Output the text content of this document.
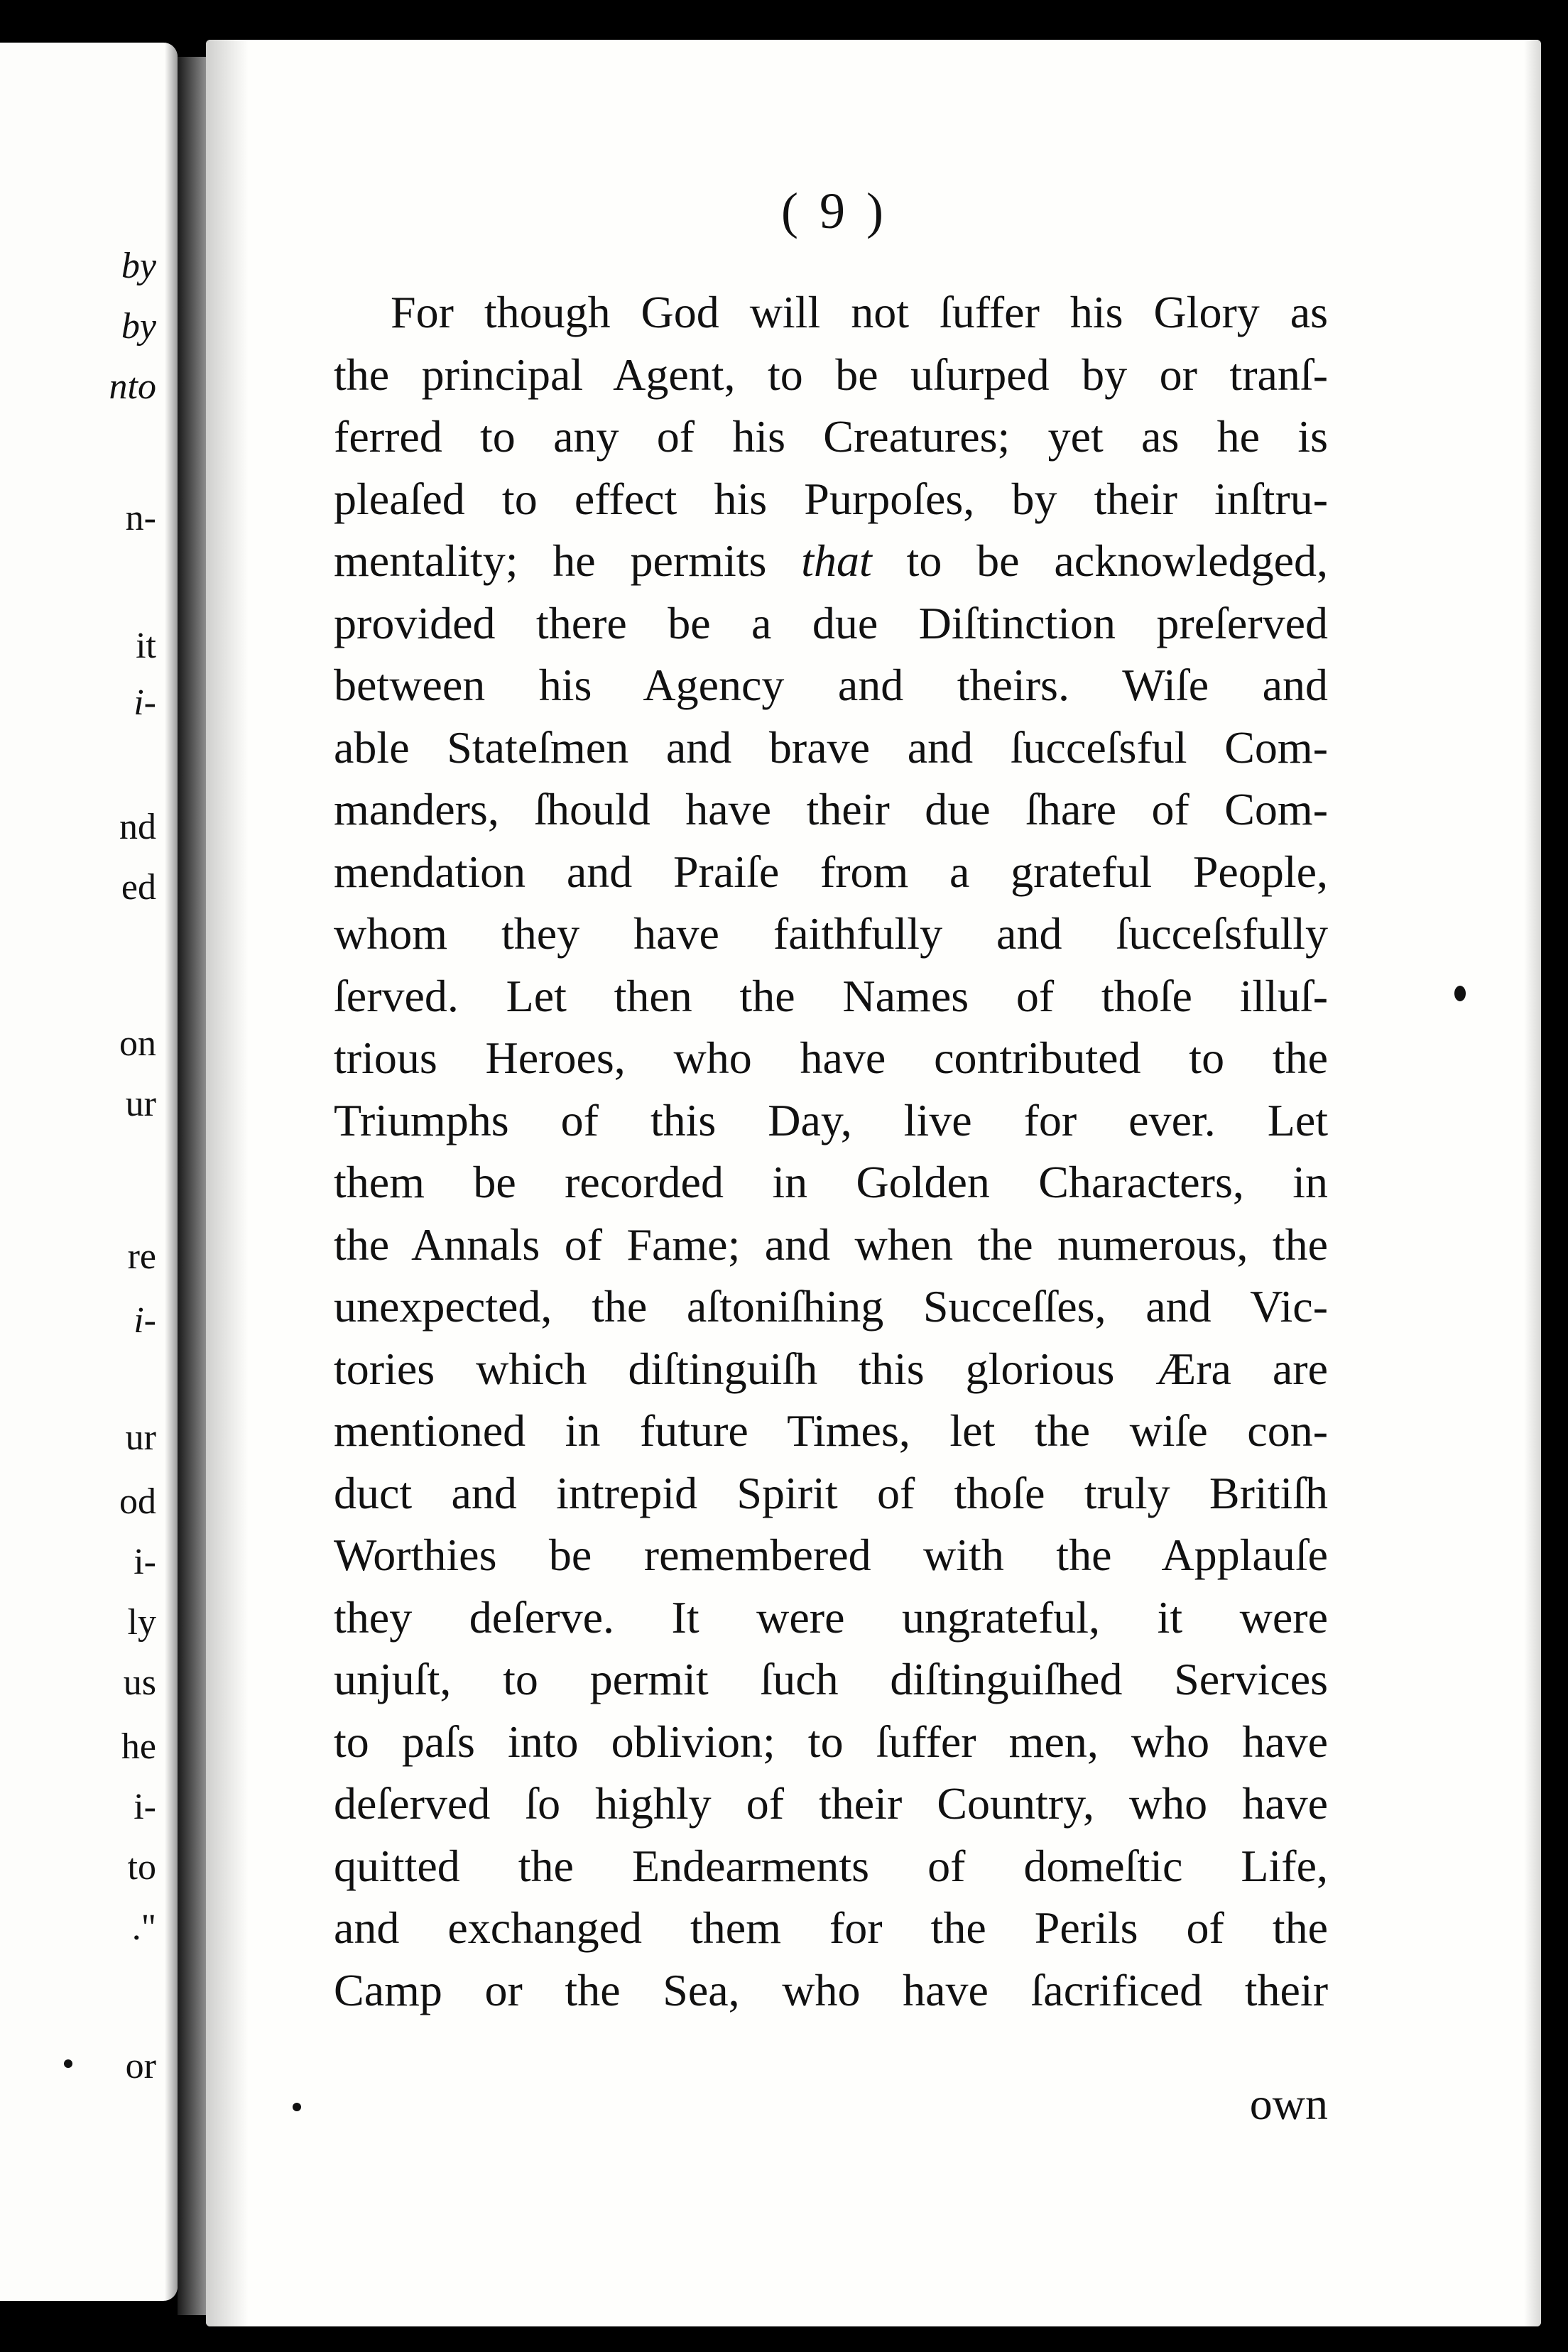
by
by
nto
n-
it
i-
nd
ed
on
ur
re
i-
ur
od
i-
ly
us
he
i-
to
."
or
( 9 )
For though God will not ſuffer his Glory as
the principal Agent, to be uſurped by or tranſ-
ferred to any of his Creatures; yet as he is
pleaſed to effect his Purpoſes, by their inſtru-
mentality; he permits that to be acknowledged,
provided there be a due Diſtinction preſerved
between his Agency and theirs. Wiſe and
able Stateſmen and brave and ſucceſsful Com-
manders, ſhould have their due ſhare of Com-
mendation and Praiſe from a grateful People,
whom they have faithfully and ſucceſsfully
ſerved. Let then the Names of thoſe illuſ-
trious Heroes, who have contributed to the
Triumphs of this Day, live for ever. Let
them be recorded in Golden Characters, in
the Annals of Fame; and when the numerous, the
unexpected, the aſtoniſhing Succeſſes, and Vic-
tories which diſtinguiſh this glorious Æra are
mentioned in future Times, let the wiſe con-
duct and intrepid Spirit of thoſe truly Britiſh
Worthies be remembered with the Applauſe
they deſerve. It were ungrateful, it were
unjuſt, to permit ſuch diſtinguiſhed Services
to paſs into oblivion; to ſuffer men, who have
deſerved ſo highly of their Country, who have
quitted the Endearments of domeſtic Life,
and exchanged them for the Perils of the
Camp or the Sea, who have ſacrificed their
own
